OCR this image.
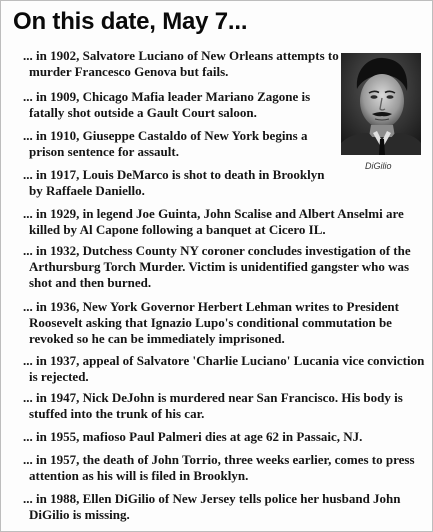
On this date, May 7...
DiGilio

... in 1902, Salvatore Luciano of New Orleans attempts to murder Francesco Genova but fails.

... in 1909, Chicago Mafia leader Mariano Zagone is fatally shot outside a Gault Court saloon.

... in 1910, Giuseppe Castaldo of New York begins a prison sentence for assault.

... in 1917, Louis DeMarco is shot to death in Brooklyn by Raffaele Daniello.

... in 1929, in legend Joe Guinta, John Scalise and Albert Anselmi are killed by Al Capone following a banquet at Cicero IL.

... in 1932, Dutchess County NY coroner concludes investigation of the Arthursburg Torch Murder. Victim is unidentified gangster who was shot and then burned.

... in 1936, New York Governor Herbert Lehman writes to President Roosevelt asking that Ignazio Lupo's conditional commutation be revoked so he can be immediately imprisoned.

... in 1937, appeal of Salvatore 'Charlie Luciano' Lucania vice conviction is rejected.

... in 1947, Nick DeJohn is murdered near San Francisco. His body is stuffed into the trunk of his car.

... in 1955, mafioso Paul Palmeri dies at age 62 in Passaic, NJ.

... in 1957, the death of John Torrio, three weeks earlier, comes to press attention as his will is filed in Brooklyn.

... in 1988, Ellen DiGilio of New Jersey tells police her husband John DiGilio is missing.
